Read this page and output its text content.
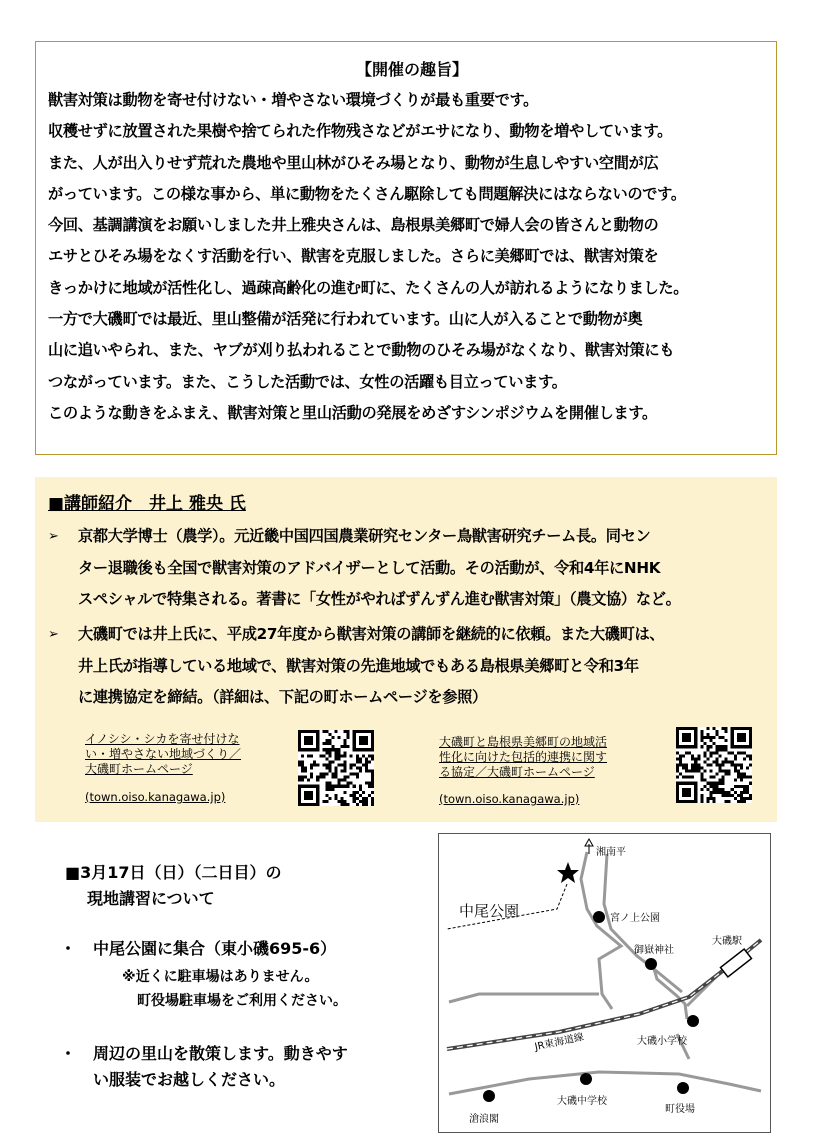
【開催の趣旨】
獣害対策は動物を寄せ付けない・増やさない環境づくりが最も重要です。
収穫せずに放置された果樹や捨てられた作物残さなどがエサになり、動物を増やしています。
また、人が出入りせず荒れた農地や里山林がひそみ場となり、動物が生息しやすい空間が広
がっています。この様な事から、単に動物をたくさん駆除しても問題解決にはならないのです。
今回、基調講演をお願いしました井上雅央さんは、島根県美郷町で婦人会の皆さんと動物の
エサとひそみ場をなくす活動を行い、獣害を克服しました。さらに美郷町では、獣害対策を
きっかけに地域が活性化し、過疎高齢化の進む町に、たくさんの人が訪れるようになりました。
一方で大磯町では最近、里山整備が活発に行われています。山に人が入ることで動物が奥
山に追いやられ、また、ヤブが刈り払われることで動物のひそみ場がなくなり、獣害対策にも
つながっています。また、こうした活動では、女性の活躍も目立っています。
このような動きをふまえ、獣害対策と里山活動の発展をめざすシンポジウムを開催します。
■講師紹介　井上 雅央 氏
➢ 京都大学博士（農学）。元近畿中国四国農業研究センター鳥獣害研究チーム長。同セン
ター退職後も全国で獣害対策のアドバイザーとして活動。その活動が、令和4年にNHK
スペシャルで特集される。著書に「女性がやればずんずん進む獣害対策」（農文協）など。
➢ 大磯町では井上氏に、平成27年度から獣害対策の講師を継続的に依頼。また大磯町は、
井上氏が指導している地域で、獣害対策の先進地域でもある島根県美郷町と令和3年
に連携協定を締結。（詳細は、下記の町ホームページを参照）
イノシシ・シカを寄せ付けな
い・増やさない地域づくり／
大磯町ホームページ
(town.oiso.kanagawa.jp)
大磯町と島根県美郷町の地域活
性化に向けた包括的連携に関す
る協定／大磯町ホームページ
(town.oiso.kanagawa.jp)
■3月17日（日）（二日目）の
現地講習について
・ 中尾公園に集合（東小磯695-6）
※近くに駐車場はありません。
町役場駐車場をご利用ください。
・ 周辺の里山を散策します。動きやす
い服装でお越しください。
湘南平
中尾公園	宮ノ上公園
御嶽神社
大磯駅
JR東海道線	大磯小学校
大磯中学校
町役場
滄浪閣
